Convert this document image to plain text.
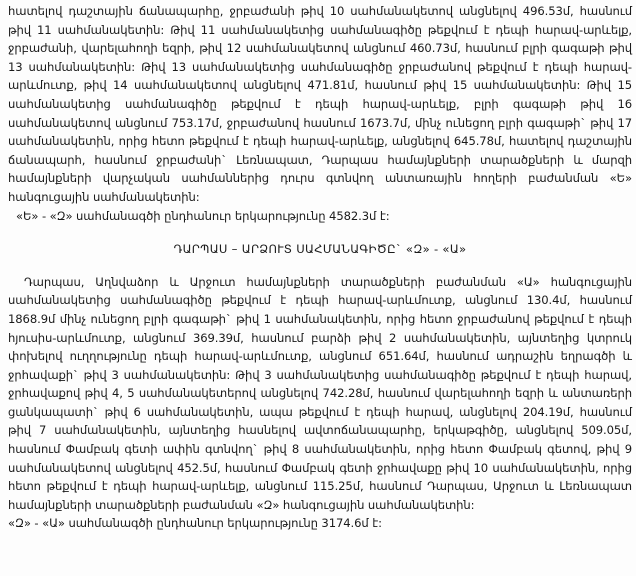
հատելով դաշտային ճանապարհը, ջրբաժանի թիվ 10 սահմանակետով անցնելով 496.53մ, հասնում թիվ 11 սահմանակետին: Թիվ 11 սահմանակետից սահմանագիծը թեքվում է դեպի հարավ-արևելք, ջրբաժանի, վարելահողի եզրի, թիվ 12 սահմանակետով անցնում 460.73մ, հասնում բլրի գագաթի թիվ 13 սահմանակետին: Թիվ 13 սահմանակետից սահմանագիծը ջրբաժանով թեքվում է դեպի հարավ-արևմուտք, թիվ 14 սահմանակետով անցնելով 471.81մ, հասնում թիվ 15 սահմանակետին: Թիվ 15 սահմանակետից սահմանագիծը թեքվում է դեպի հարավ-արևելք, բլրի գագաթի թիվ 16 սահմանակետով անցնում 753.17մ, ջրբաժանով հասնում 1673.7մ, մինչ ունեցող բլրի գագաթի` թիվ 17 սահմանակետին, որից հետո թեքվում է դեպի հարավ-արևելք, անցնելով 645.78մ, հատելով դաշտային ճանապարհ, հասնում ջրբաժանի` Լեռնապատ, Դարպաս համայնքների տարածքների և մարզի համայնքների վարչական սահմաններից դուրս գտնվող անտառային հողերի բաժանման «Ե» հանգուցային սահմանակետին:

«Ե» - «Զ» սահմանագծի ընդհանուր երկարությունը 4582.3մ է:
ԴԱՐՊԱՍ – ԱՐՁՈՒՏ ՍԱՀՄԱՆԱԳԻԾԸ` «Զ» - «Ա»

Դարպաս, Աղնվաձոր և Արջուտ համայնքների տարածքների բաժանման «Ա» հանգուցային սահմանակետից սահմանագիծը թեքվում է դեպի հարավ-արևմուտք, անցնում 130.4մ, հասնում 1868.9մ մինչ ունեցող բլրի գագաթի` թիվ 1 սահմանակետին, որից հետո ջրբաժանով թեքվում է դեպի հյուսիս-արևմուտք, անցնում 369.39մ, հասնում բարձի թիվ 2 սահմանակետին, այնտեղից կտրուկ փոխելով ուղղությունը դեպի հարավ-արևմուտք, անցնում 651.64մ, հասնում ադրաշին եղրագծի և ջրհավաքի` թիվ 3 սահմանակետին: Թիվ 3 սահմանակետից սահմանագիծը թեքվում է դեպի հարավ, ջրհավաքով թիվ 4, 5 սահմանակետերով անցնելով 742.28մ, հասնում վարելահողի եզրի և անտառերի ցանկապատի` թիվ 6 սահմանակետին, ապա թեքվում է դեպի հարավ, անցնելով 204.19մ, հասնում թիվ 7 սահմանակետին, այնտեղից հասնելով ավտոճանապարհը, երկաթգիծը, անցնելով 509.05մ, հասնում Փամբակ գետի ափին գտնվող` թիվ 8 սահմանակետին, որից հետո Փամբակ գետով, թիվ 9 սահմանակետով անցնելով 452.5մ, հասնում Փամբակ գետի ջրհավաքը թիվ 10 սահմանակետին, որից հետո թեքվում է դեպի հարավ-արևելք, անցնում 115.25մ, հասնում Դարպաս, Արջուտ և Լեռնապատ համայնքների տարածքների բաժանման «Զ» հանգուցային սահմանակետին:

«Զ» - «Ա» սահմանագծի ընդհանուր երկարությունը 3174.6մ է:
